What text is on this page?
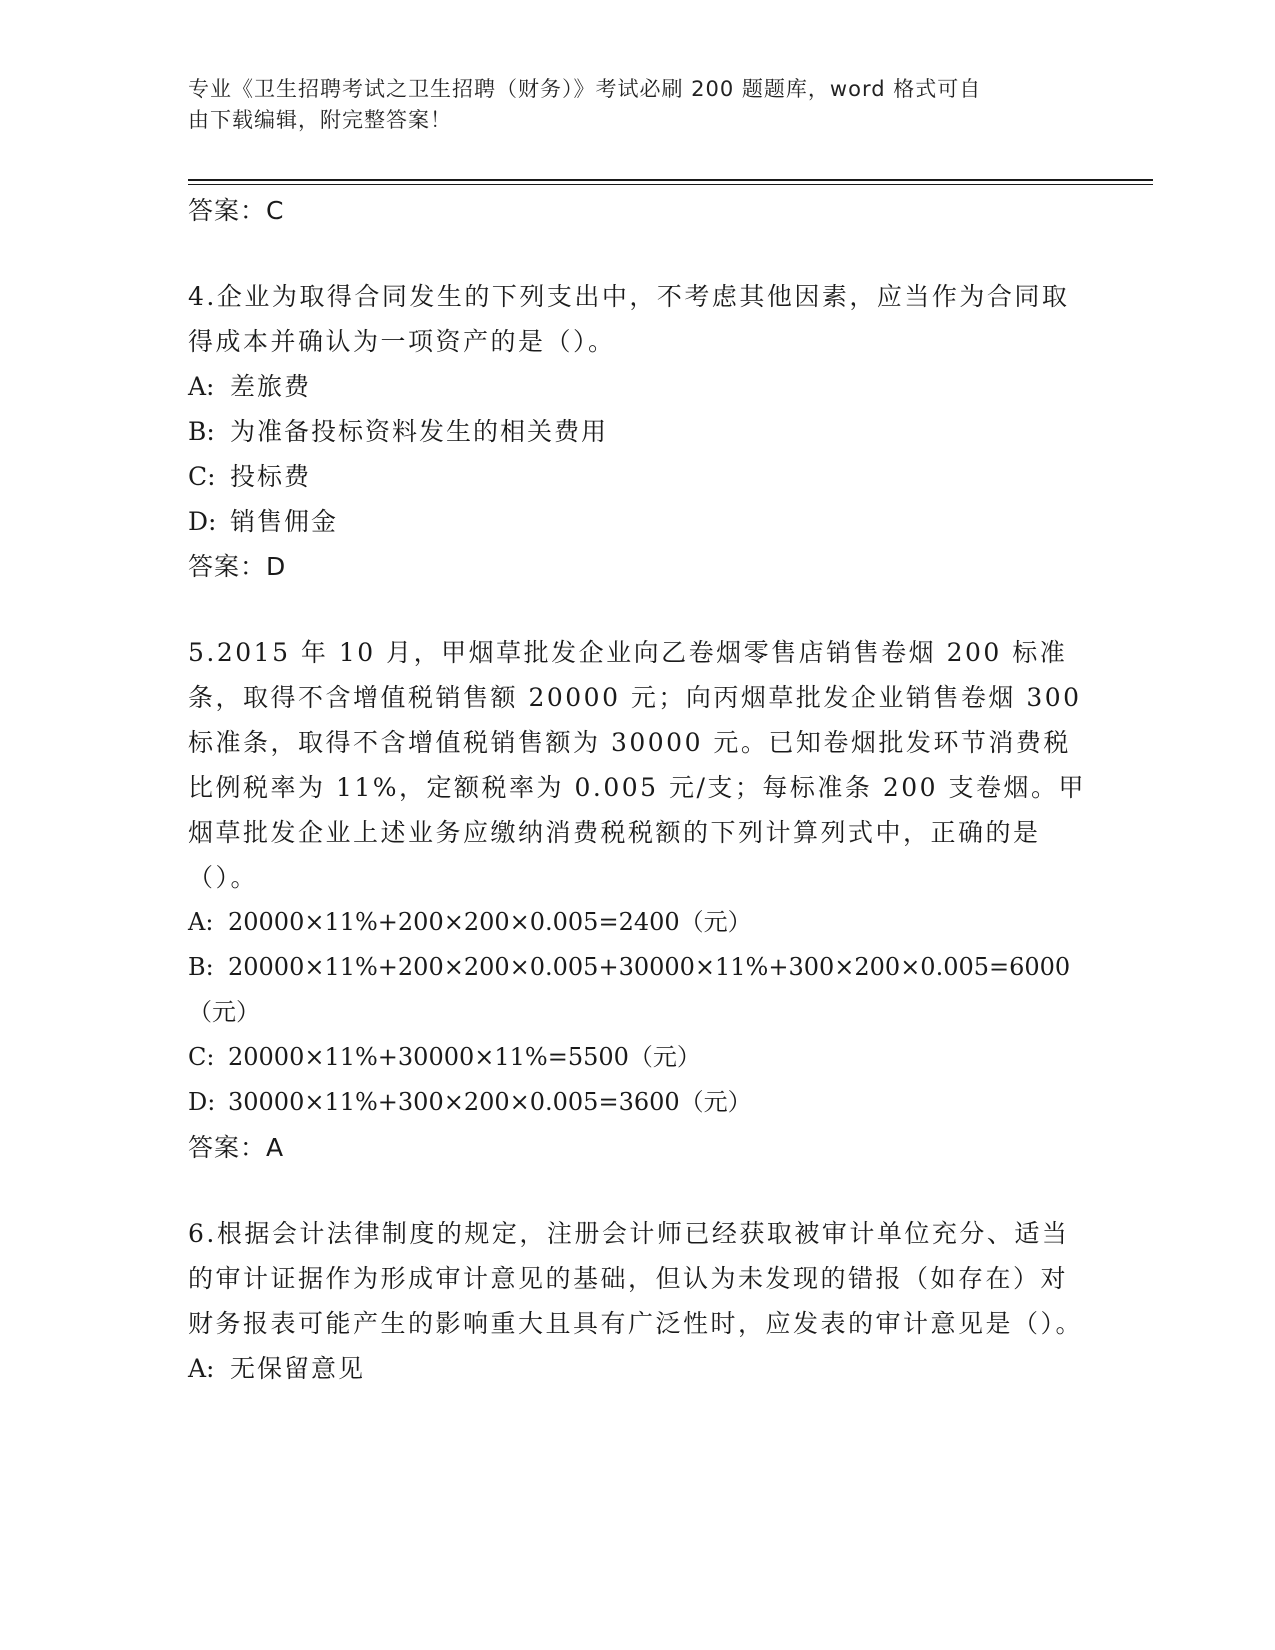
专业《卫生招聘考试之卫生招聘（财务）》考试必刷 200 题题库，word 格式可自
由下载编辑，附完整答案！
答案：C
4.企业为取得合同发生的下列支出中，不考虑其他因素，应当作为合同取得成本并确认为一项资产的是（）。
A: 差旅费
B: 为准备投标资料发生的相关费用
C: 投标费
D: 销售佣金
答案：D
5.2015 年 10 月，甲烟草批发企业向乙卷烟零售店销售卷烟 200 标准条，取得不含增值税销售额 20000 元；向丙烟草批发企业销售卷烟 300 标准条，取得不含增值税销售额为 30000 元。已知卷烟批发环节消费税比例税率为 11%，定额税率为 0.005 元/支；每标准条 200 支卷烟。甲烟草批发企业上述业务应缴纳消费税税额的下列计算列式中，正确的是（）。
A: 20000×11%+200×200×0.005=2400（元）
B: 20000×11%+200×200×0.005+30000×11%+300×200×0.005=6000（元）
C: 20000×11%+30000×11%=5500（元）
D: 30000×11%+300×200×0.005=3600（元）
答案：A
6.根据会计法律制度的规定，注册会计师已经获取被审计单位充分、适当的审计证据作为形成审计意见的基础，但认为未发现的错报（如存在）对财务报表可能产生的影响重大且具有广泛性时，应发表的审计意见是（）。
A: 无保留意见
